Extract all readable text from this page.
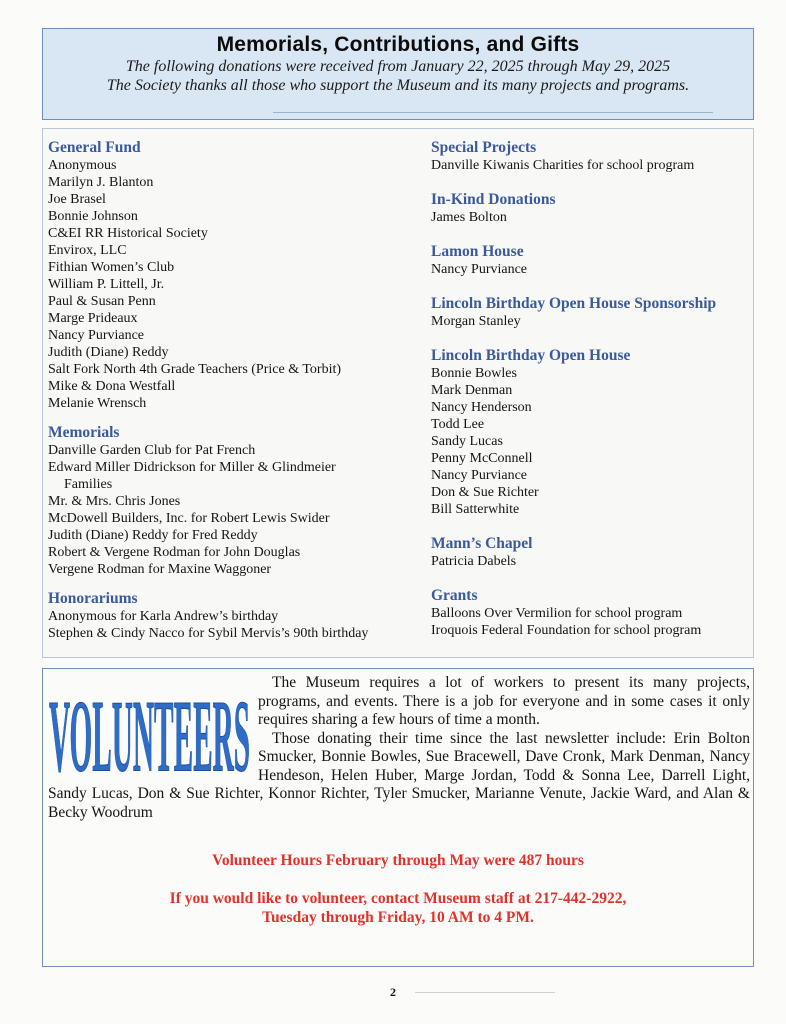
Memorials, Contributions, and Gifts
The following donations were received from January 22, 2025 through May 29, 2025
The Society thanks all those who support the Museum and its many projects and programs.
General Fund
Anonymous
Marilyn J. Blanton
Joe Brasel
Bonnie Johnson
C&EI RR Historical Society
Envirox, LLC
Fithian Women’s Club
William P. Littell, Jr.
Paul & Susan Penn
Marge Prideaux
Nancy Purviance
Judith (Diane) Reddy
Salt Fork North 4th Grade Teachers (Price & Torbit)
Mike & Dona Westfall
Melanie Wrensch
Memorials
Danville Garden Club for Pat French
Edward Miller Didrickson for Miller & Glindmeier
Families
Mr. & Mrs. Chris Jones
McDowell Builders, Inc. for Robert Lewis Swider
Judith (Diane) Reddy for Fred Reddy
Robert & Vergene Rodman for John Douglas
Vergene Rodman for Maxine Waggoner
Honorariums
Anonymous for Karla Andrew’s birthday
Stephen & Cindy Nacco for Sybil Mervis’s 90th birthday
Special Projects
Danville Kiwanis Charities for school program
In-Kind Donations
James Bolton
Lamon House
Nancy Purviance
Lincoln Birthday Open House Sponsorship
Morgan Stanley
Lincoln Birthday Open House
Bonnie Bowles
Mark Denman
Nancy Henderson
Todd Lee
Sandy Lucas
Penny McConnell
Nancy Purviance
Don & Sue Richter
Bill Satterwhite
Mann’s Chapel
Patricia Dabels
Grants
Balloons Over Vermilion for school program
Iroquois Federal Foundation for school program
VOLUNTEERS	The Museum requires a lot of workers to present its many projects, programs, and events. There is a job for everyone and in some cases it only requires sharing a few hours of time a month.

Those donating their time since the last newsletter include: Erin Bolton Smucker, Bonnie Bowles, Sue Bracewell, Dave Cronk, Mark Denman, Nancy Hendeson, Helen Huber, Marge Jordan, Todd & Sonna Lee, Darrell Light, Sandy Lucas, Don & Sue Richter, Konnor Richter, Tyler Smucker, Marianne Venute, Jackie Ward, and Alan & Becky Woodrum

Volunteer Hours February through May were 487 hours
If you would like to volunteer, contact Museum staff at 217-442-2922,
Tuesday through Friday, 10 AM to 4 PM.
2
